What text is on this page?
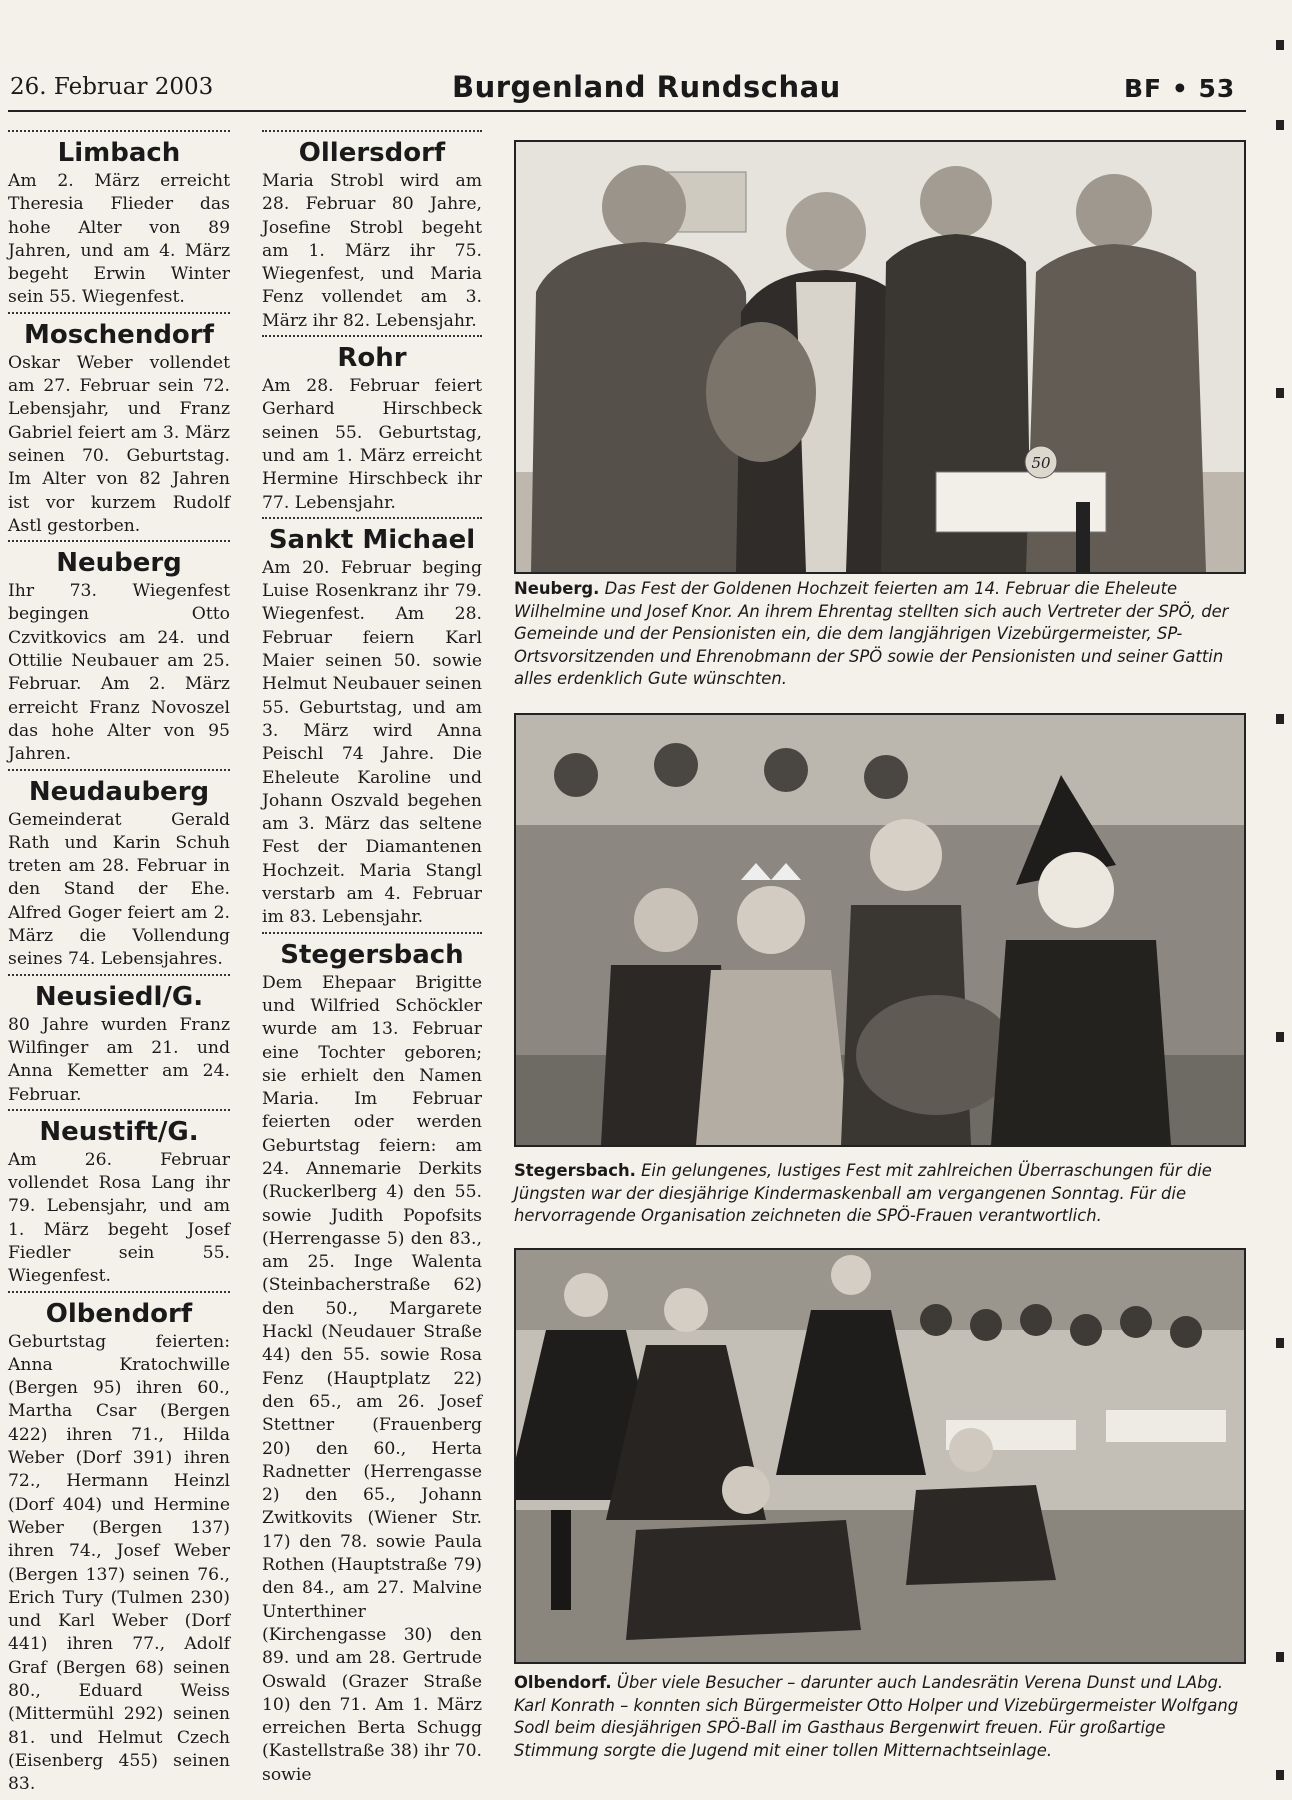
26. Februar 2003	Burgenland Rundschau	BF • 53
Limbach

Am 2. März erreicht Theresia Flieder das hohe Alter von 89 Jahren, und am 4. März begeht Erwin Winter sein 55. Wiegenfest.

Moschendorf

Oskar Weber vollendet am 27. Februar sein 72. Lebensjahr, und Franz Gabriel feiert am 3. März seinen 70. Geburtstag. Im Alter von 82 Jahren ist vor kurzem Rudolf Astl gestorben.

Neuberg

Ihr 73. Wiegenfest begingen Otto Czvitkovics am 24. und Ottilie Neubauer am 25. Februar. Am 2. März erreicht Franz Novoszel das hohe Alter von 95 Jahren.

Neudauberg

Gemeinderat Gerald Rath und Karin Schuh treten am 28. Februar in den Stand der Ehe. Alfred Goger feiert am 2. März die Vollendung seines 74. Lebensjahres.

Neusiedl/G.

80 Jahre wurden Franz Wilfinger am 21. und Anna Kemetter am 24. Februar.

Neustift/G.

Am 26. Februar vollendet Rosa Lang ihr 79. Lebensjahr, und am 1. März begeht Josef Fiedler sein 55. Wiegenfest.

Olbendorf

Geburtstag feierten: Anna Kratochwille (Bergen 95) ihren 60., Martha Csar (Bergen 422) ihren 71., Hilda Weber (Dorf 391) ihren 72., Hermann Heinzl (Dorf 404) und Hermine Weber (Bergen 137) ihren 74., Josef Weber (Bergen 137) seinen 76., Erich Tury (Tulmen 230) und Karl Weber (Dorf 441) ihren 77., Adolf Graf (Bergen 68) seinen 80., Eduard Weiss (Mittermühl 292) seinen 81. und Helmut Czech (Eisenberg 455) seinen 83.

Ollersdorf

Maria Strobl wird am 28. Februar 80 Jahre, Josefine Strobl begeht am 1. März ihr 75. Wiegenfest, und Maria Fenz vollendet am 3. März ihr 82. Lebensjahr.

Rohr

Am 28. Februar feiert Gerhard Hirschbeck seinen 55. Geburtstag, und am 1. März erreicht Hermine Hirschbeck ihr 77. Lebensjahr.

Sankt Michael

Am 20. Februar beging Luise Rosenkranz ihr 79. Wiegenfest. Am 28. Februar feiern Karl Maier seinen 50. sowie Helmut Neubauer seinen 55. Geburtstag, und am 3. März wird Anna Peischl 74 Jahre. Die Eheleute Karoline und Johann Oszvald begehen am 3. März das seltene Fest der Diamantenen Hochzeit. Maria Stangl verstarb am 4. Februar im 83. Lebensjahr.

Stegersbach

Dem Ehepaar Brigitte und Wilfried Schöckler wurde am 13. Februar eine Tochter geboren; sie erhielt den Namen Maria. Im Februar feierten oder werden Geburtstag feiern: am 24. Annemarie Derkits (Ruckerlberg 4) den 55. sowie Judith Popofsits (Herrengasse 5) den 83., am 25. Inge Walenta (Steinbacherstraße 62) den 50., Margarete Hackl (Neudauer Straße 44) den 55. sowie Rosa Fenz (Hauptplatz 22) den 65., am 26. Josef Stettner (Frauenberg 20) den 60., Herta Radnetter (Herrengasse 2) den 65., Johann Zwitkovits (Wiener Str. 17) den 78. sowie Paula Rothen (Hauptstraße 79) den 84., am 27. Malvine Unterthiner (Kirchengasse 30) den 89. und am 28. Gertrude Oswald (Grazer Straße 10) den 71. Am 1. März erreichen Berta Schugg (Kastellstraße 38) ihr 70. sowie

50
Neuberg. Das Fest der Goldenen Hochzeit feierten am 14. Februar die Eheleute Wilhelmine und Josef Knor. An ihrem Ehrentag stellten sich auch Vertreter der SPÖ, der Gemeinde und der Pensionisten ein, die dem langjährigen Vizebürgermeister, SP-Ortsvorsitzenden und Ehrenobmann der SPÖ sowie der Pensionisten und seiner Gattin alles erdenklich Gute wünschten.
Stegersbach. Ein gelungenes, lustiges Fest mit zahlreichen Überraschungen für die Jüngsten war der diesjährige Kindermaskenball am vergangenen Sonntag. Für die hervorragende Organisation zeichneten die SPÖ-Frauen verantwortlich.
Olbendorf. Über viele Besucher – darunter auch Landesrätin Verena Dunst und LAbg. Karl Konrath – konnten sich Bürgermeister Otto Holper und Vizebürgermeister Wolfgang Sodl beim diesjährigen SPÖ-Ball im Gasthaus Bergenwirt freuen. Für großartige Stimmung sorgte die Jugend mit einer tollen Mitternachtseinlage.
